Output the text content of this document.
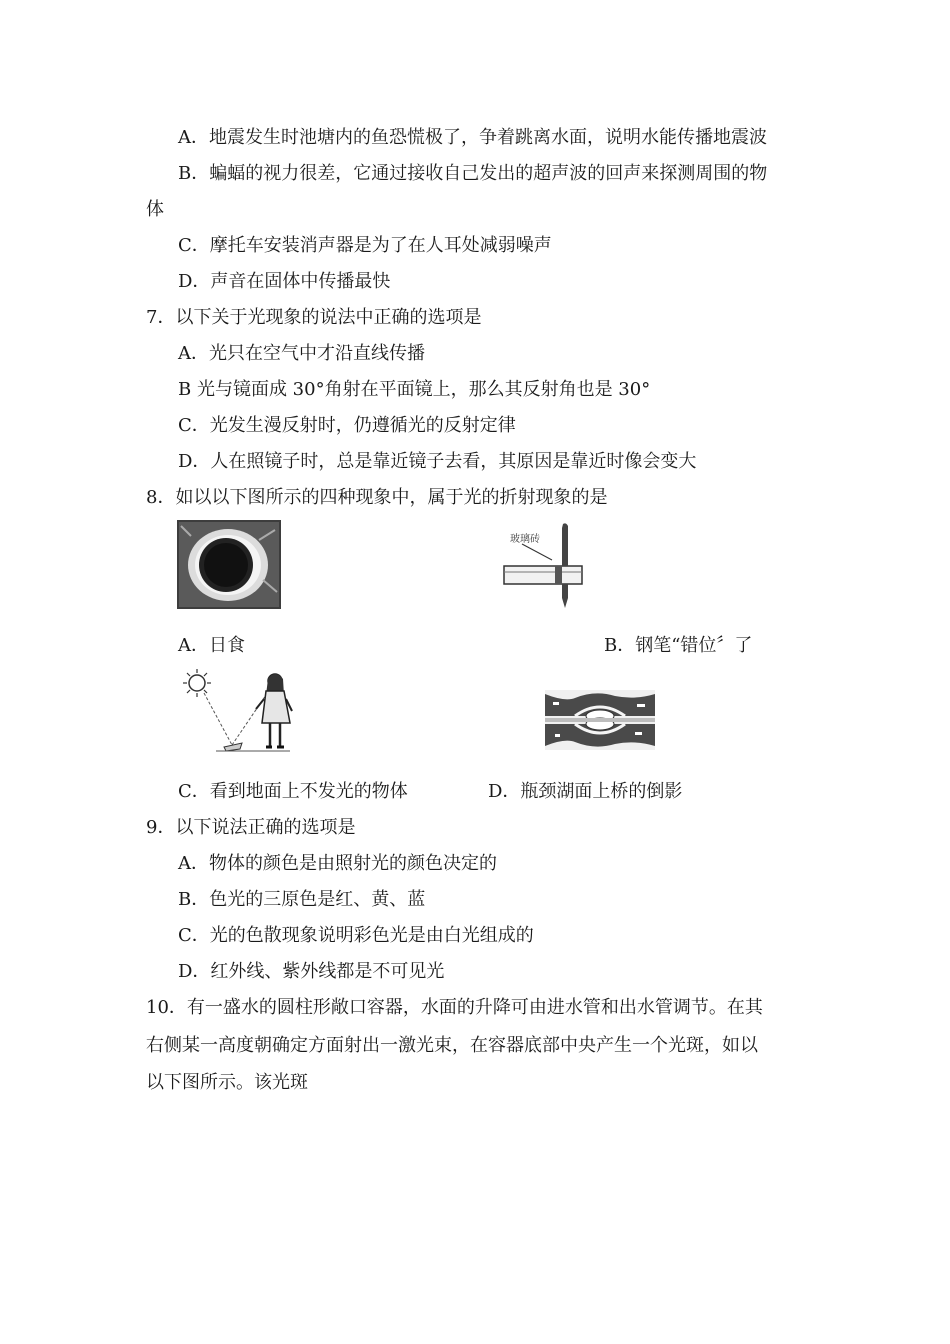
A．地震发生时池塘内的鱼恐慌极了，争着跳离水面，说明水能传播地震波
B．蝙蝠的视力很差，它通过接收自己发出的超声波的回声来探测周围的物
体
C．摩托车安装消声器是为了在人耳处减弱噪声
D．声音在固体中传播最快
7．以下关于光现象的说法中正确的选项是
A．光只在空气中才沿直线传播
B 光与镜面成 30°角射在平面镜上，那么其反射角也是 30°
C．光发生漫反射时，仍遵循光的反射定律
D．人在照镜子时，总是靠近镜子去看，其原因是靠近时像会变大
8．如以以下图所示的四种现象中，属于光的折射现象的是
玻璃砖
A．日食	B．钢笔“错位〞了
C．看到地面上不发光的物体	D．瓶颈湖面上桥的倒影
9．以下说法正确的选项是
A．物体的颜色是由照射光的颜色决定的
B．色光的三原色是红、黄、蓝
C．光的色散现象说明彩色光是由白光组成的
D．红外线、紫外线都是不可见光
10．有一盛水的圆柱形敞口容器，水面的升降可由进水管和出水管调节。在其
右侧某一高度朝确定方面射出一激光束，在容器底部中央产生一个光斑，如以
以下图所示。该光斑
